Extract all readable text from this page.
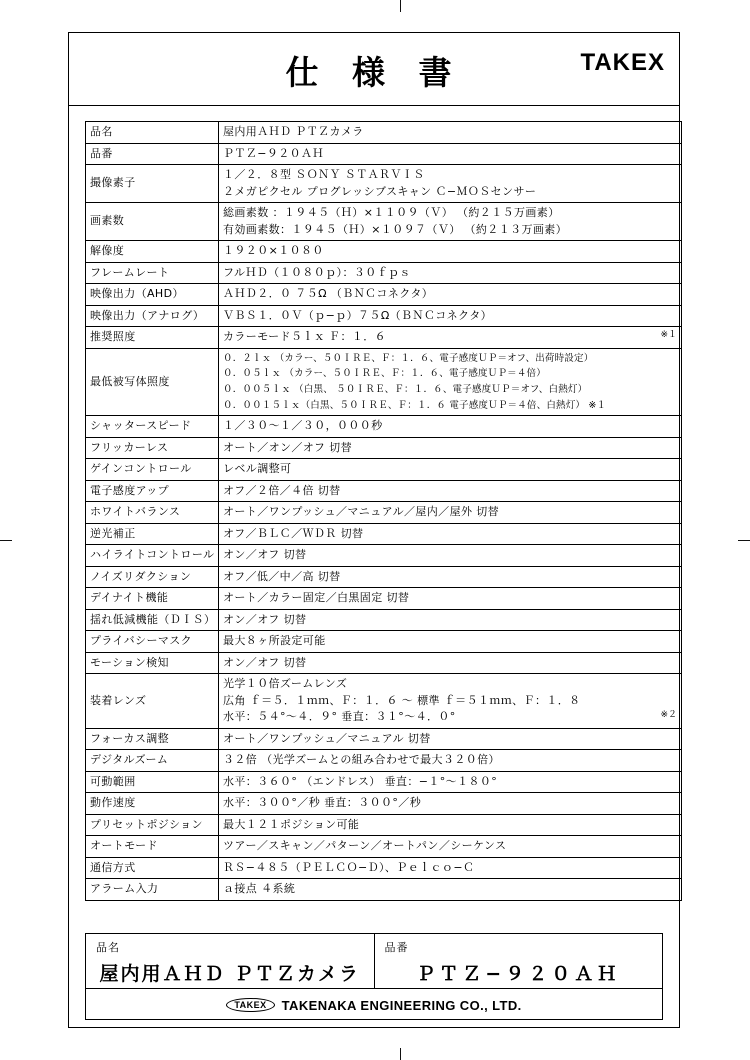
仕 様 書	TAKEX
品名	屋内用ＡＨＤ ＰＴＺカメラ

品番	ＰＴＺ−９２０ＡＨ

撮像素子	１／２．８型 ＳＯＮＹ ＳＴＡＲＶＩＳ
２メガピクセル プログレッシブスキャン Ｃ−ＭＯＳセンサー

画素数	総画素数 ：１９４５（Ｈ）×１１０９（Ｖ） （約２１５万画素）
有効画素数：１９４５（Ｈ）×１０９７（Ｖ） （約２１３万画素）

解像度	１９２０×１０８０

フレームレート	フルＨＤ（１０８０ｐ）：３０ｆｐｓ

映像出力（AHD）	ＡＨＤ２．０ ７５Ω （ＢＮＣコネクタ）

映像出力（アナログ）	ＶＢＳ１．０Ｖ（ｐ−ｐ）７５Ω（ＢＮＣコネクタ）

推奨照度	カラーモード５ｌｘ Ｆ：１．６ ※１

最低被写体照度	０．２ｌｘ （カラー、５０ＩＲＥ、Ｆ：１．６、電子感度ＵＰ＝オフ、出荷時設定）
０．０５ｌｘ （カラー、５０ＩＲＥ、Ｆ：１．６、電子感度ＵＰ＝４倍）
０．００５ｌｘ （白黒、 ５０ＩＲＥ、Ｆ：１．６、電子感度ＵＰ＝オフ、白熱灯）
０．００１５ｌｘ（白黒、５０ＩＲＥ、Ｆ：１．６ 電子感度ＵＰ＝４倍、白熱灯） ※１

シャッタースピード	１／３０〜１／３０，０００秒

フリッカーレス	オート／オン／オフ 切替

ゲインコントロール	レベル調整可

電子感度アップ	オフ／２倍／４倍 切替

ホワイトバランス	オート／ワンプッシュ／マニュアル／屋内／屋外 切替

逆光補正	オフ／ＢＬＣ／ＷＤＲ 切替

ハイライトコントロール	オン／オフ 切替

ノイズリダクション	オフ／低／中／高 切替

デイナイト機能	オート／カラー固定／白黒固定 切替

揺れ低減機能（ＤＩＳ）	オン／オフ 切替

プライバシーマスク	最大８ヶ所設定可能

モーション検知	オン／オフ 切替

装着レンズ	光学１０倍ズームレンズ
広角 ｆ＝５．１ｍｍ、Ｆ：１．６ 〜 標準 ｆ＝５１ｍｍ、Ｆ：１．８
水平：５４°〜４．９° 垂直：３１°〜４．０° ※２

フォーカス調整	オート／ワンプッシュ／マニュアル 切替

デジタルズーム	３２倍 （光学ズームとの組み合わせで最大３２０倍）

可動範囲	水平：３６０° （エンドレス） 垂直：−１°〜１８０°

動作速度	水平：３００°／秒 垂直：３００°／秒

プリセットポジション	最大１２１ポジション可能

オートモード	ツアー／スキャン／パターン／オートパン／シーケンス

通信方式	ＲＳ−４８５（ＰＥＬＣＯ−Ｄ）、Ｐｅｌｃｏ−Ｃ

アラーム入力	ａ接点 ４系統
品名
屋内用ＡＨＤ ＰＴＺカメラ

品番
ＰＴＺ−９２０ＡＨ

TAKEX	TAKENAKA ENGINEERING CO., LTD.
